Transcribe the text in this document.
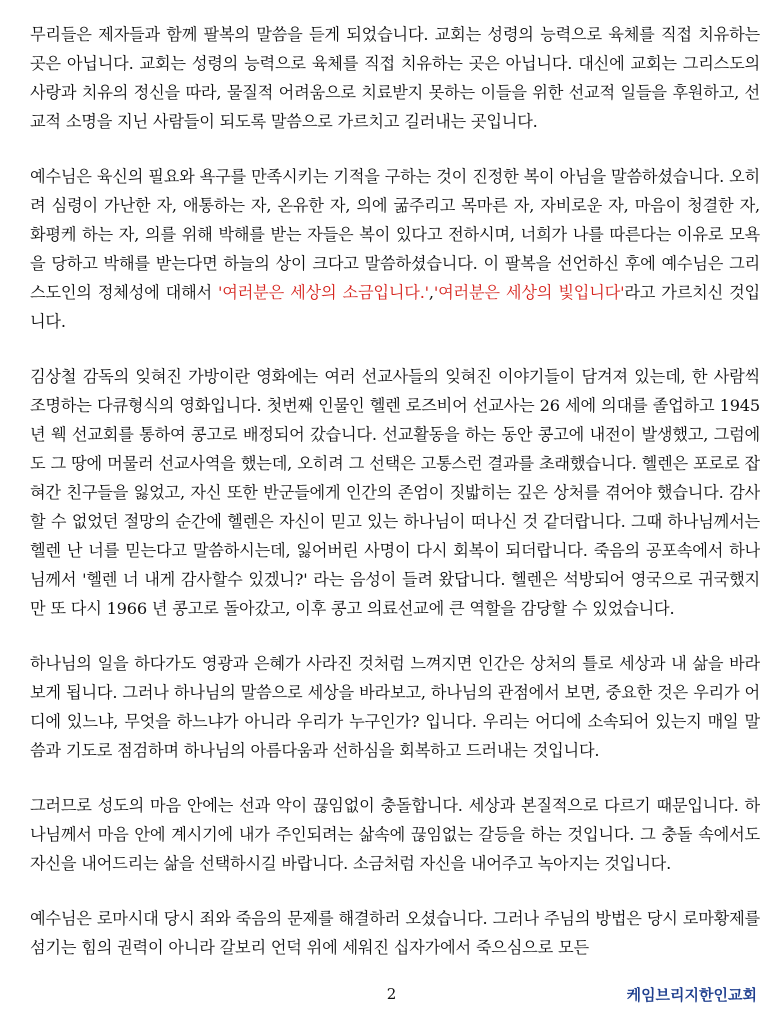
무리들은 제자들과 함께 팔복의 말씀을 듣게 되었습니다. 교회는 성령의 능력으로 육체를 직접 치유하는 곳은 아닙니다. 교회는 성령의 능력으로 육체를 직접 치유하는 곳은 아닙니다. 대신에 교회는 그리스도의 사랑과 치유의 정신을 따라, 물질적 어려움으로 치료받지 못하는 이들을 위한 선교적 일들을 후원하고, 선교적 소명을 지닌 사람들이 되도록 말씀으로 가르치고 길러내는 곳입니다.

예수님은 육신의 필요와 욕구를 만족시키는 기적을 구하는 것이 진정한 복이 아님을 말씀하셨습니다. 오히려 심령이 가난한 자, 애통하는 자, 온유한 자, 의에 굶주리고 목마른 자, 자비로운 자, 마음이 청결한 자, 화평케 하는 자, 의를 위해 박해를 받는 자들은 복이 있다고 전하시며, 너희가 나를 따른다는 이유로 모욕을 당하고 박해를 받는다면 하늘의 상이 크다고 말씀하셨습니다. 이 팔복을 선언하신 후에 예수님은 그리스도인의 정체성에 대해서 '여러분은 세상의 소금입니다.','여러분은 세상의 빛입니다'라고 가르치신 것입니다.

김상철 감독의 잊혀진 가방이란 영화에는 여러 선교사들의 잊혀진 이야기들이 담겨져 있는데, 한 사람씩 조명하는 다큐형식의 영화입니다. 첫번째 인물인 헬렌 로즈비어 선교사는 26 세에 의대를 졸업하고 1945 년 웩 선교회를 통하여 콩고로 배정되어 갔습니다. 선교활동을 하는 동안 콩고에 내전이 발생했고, 그럼에도 그 땅에 머물러 선교사역을 했는데, 오히려 그 선택은 고통스런 결과를 초래했습니다. 헬렌은 포로로 잡혀간 친구들을 잃었고, 자신 또한 반군들에게 인간의 존엄이 짓밟히는 깊은 상처를 겪어야 했습니다. 감사할 수 없었던 절망의 순간에 헬렌은 자신이 믿고 있는 하나님이 떠나신 것 같더랍니다. 그때 하나님께서는 헬렌 난 너를 믿는다고 말씀하시는데, 잃어버린 사명이 다시 회복이 되더랍니다. 죽음의 공포속에서 하나님께서 '헬렌 너 내게 감사할수 있겠니?' 라는 음성이 들려 왔답니다. 헬렌은 석방되어 영국으로 귀국했지만 또 다시 1966 년 콩고로 돌아갔고, 이후 콩고 의료선교에 큰 역할을 감당할 수 있었습니다.

하나님의 일을 하다가도 영광과 은혜가 사라진 것처럼 느껴지면 인간은 상처의 틀로 세상과 내 삶을 바라보게 됩니다. 그러나 하나님의 말씀으로 세상을 바라보고, 하나님의 관점에서 보면, 중요한 것은 우리가 어디에 있느냐, 무엇을 하느냐가 아니라 우리가 누구인가? 입니다. 우리는 어디에 소속되어 있는지 매일 말씀과 기도로 점검하며 하나님의 아름다움과 선하심을 회복하고 드러내는 것입니다.

그러므로 성도의 마음 안에는 선과 악이 끊임없이 충돌합니다. 세상과 본질적으로 다르기 때문입니다. 하나님께서 마음 안에 계시기에 내가 주인되려는 삶속에 끊임없는 갈등을 하는 것입니다. 그 충돌 속에서도 자신을 내어드리는 삶을 선택하시길 바랍니다. 소금처럼 자신을 내어주고 녹아지는 것입니다.

예수님은 로마시대 당시 죄와 죽음의 문제를 해결하러 오셨습니다. 그러나 주님의 방법은 당시 로마황제를 섬기는 힘의 권력이 아니라 갈보리 언덕 위에 세워진 십자가에서 죽으심으로 모든

2	케임브리지한인교회
